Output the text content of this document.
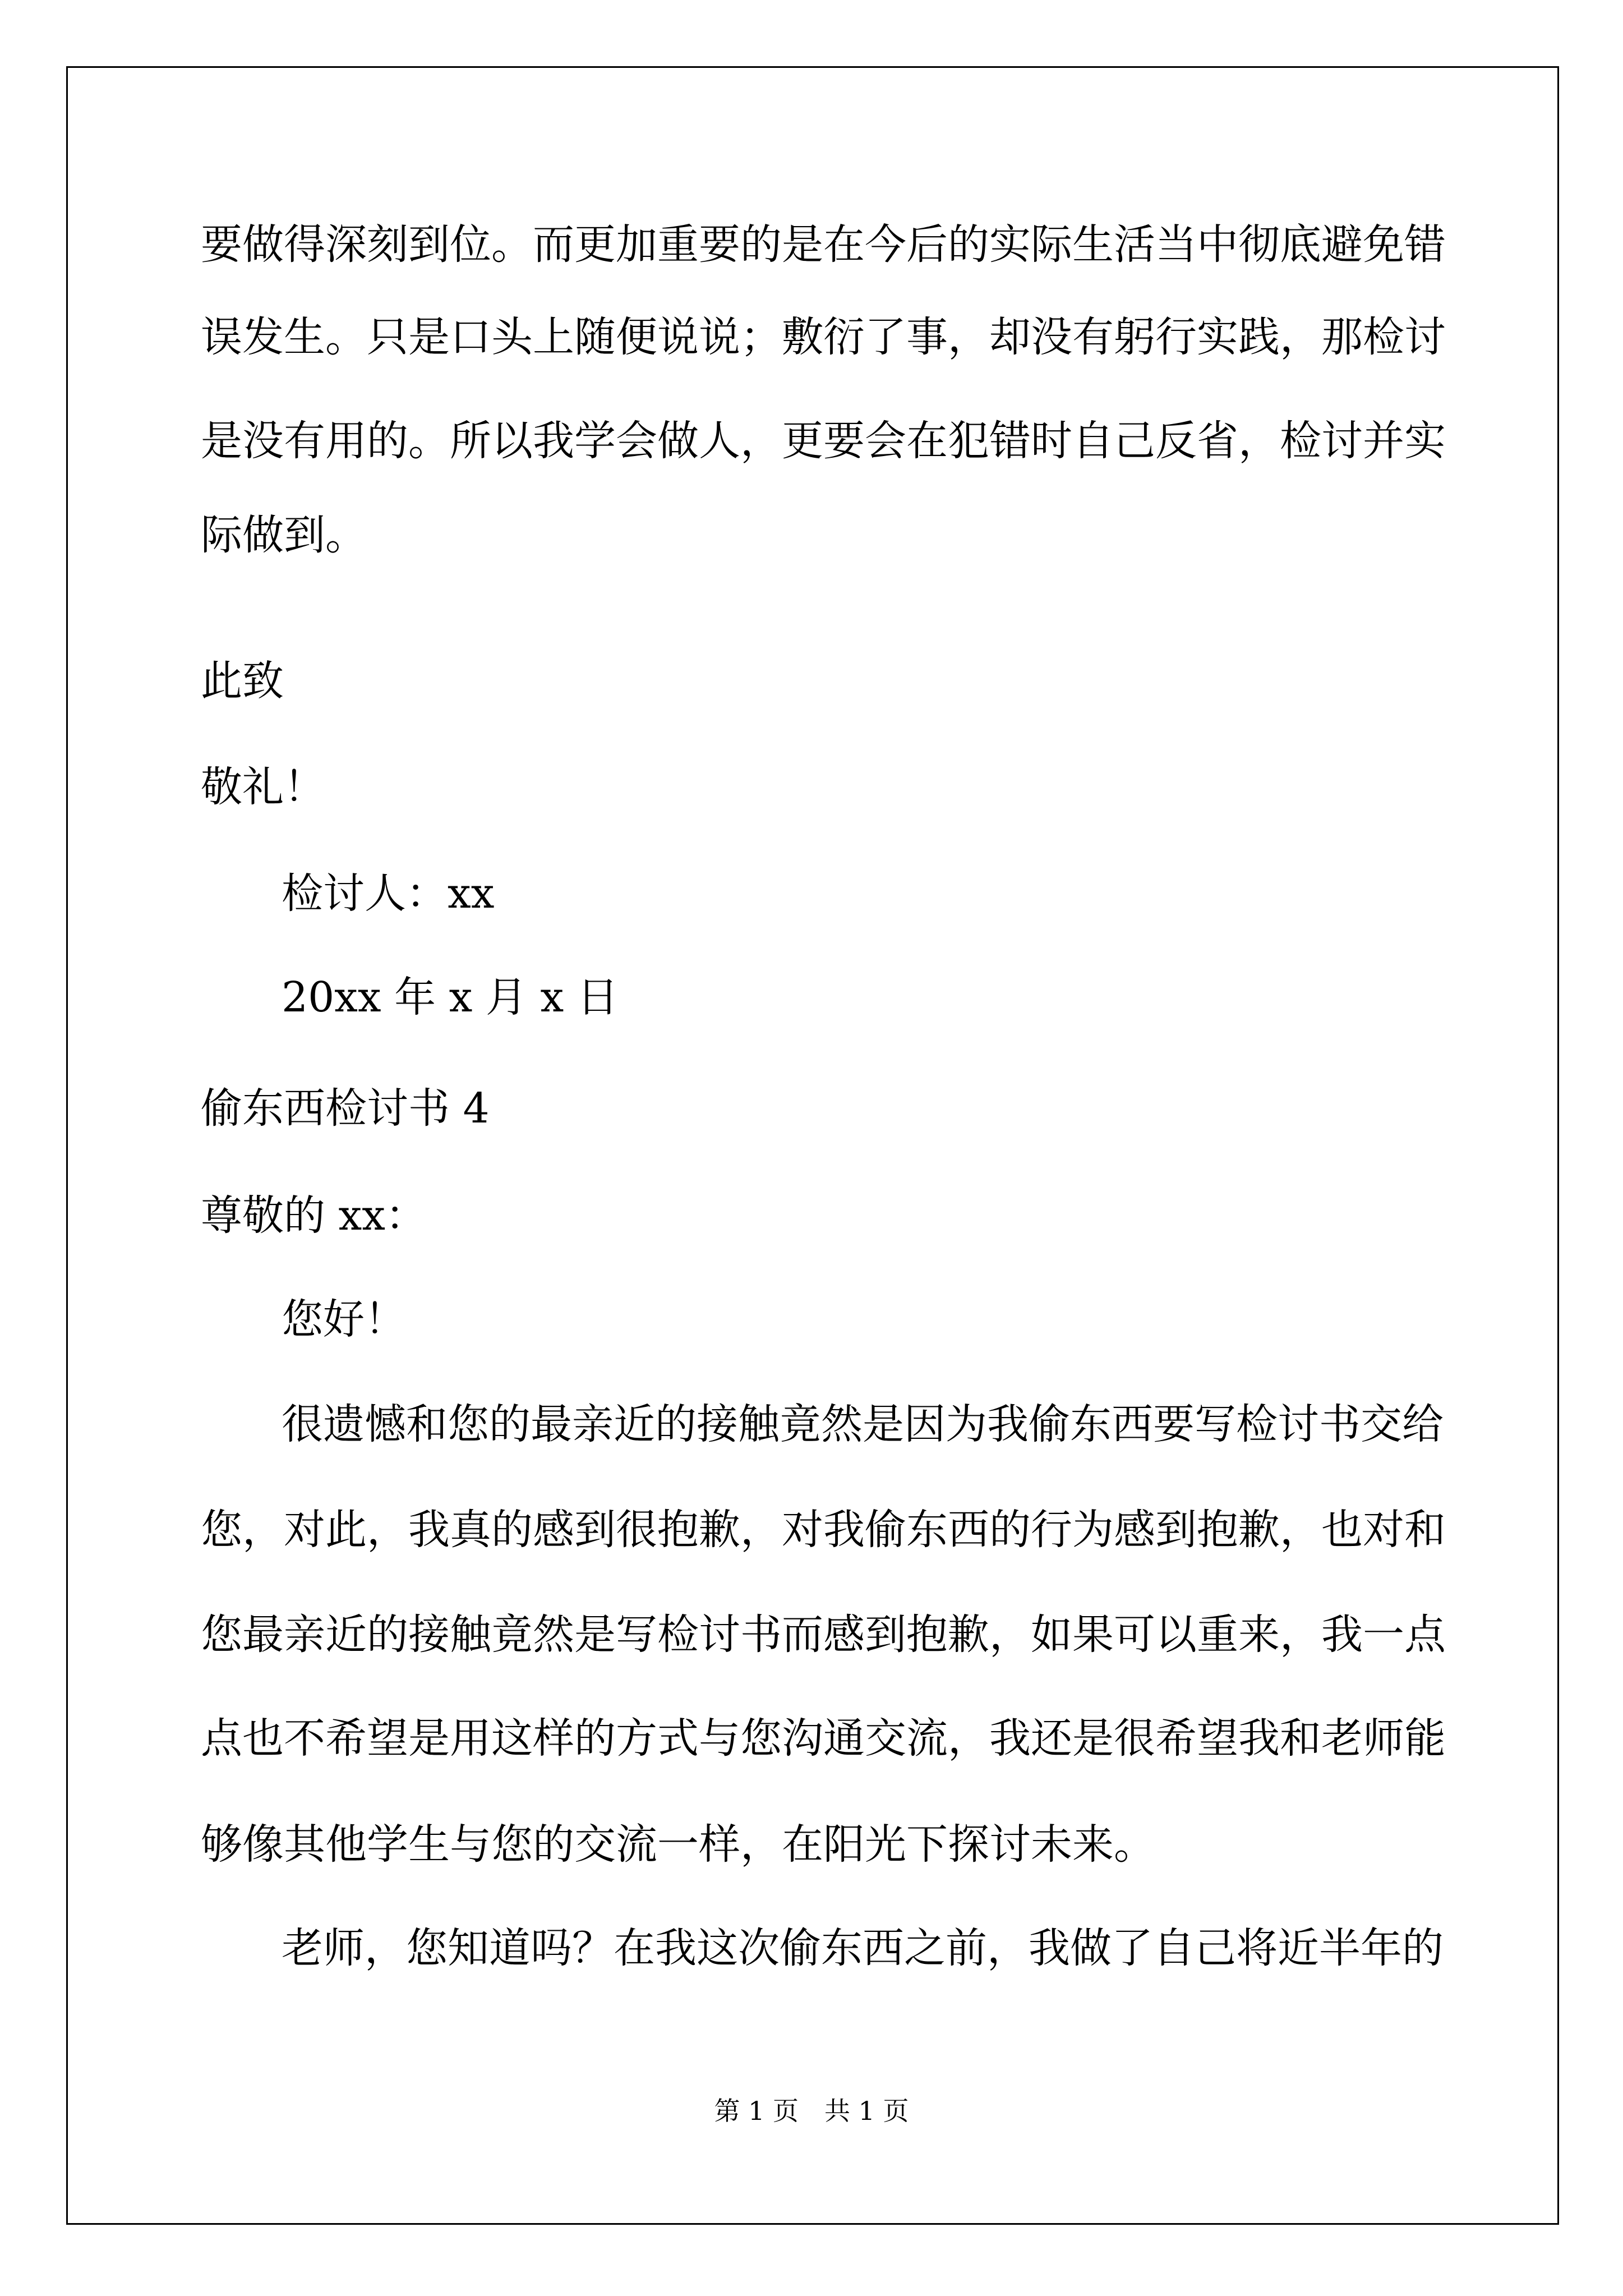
要做得深刻到位。而更加重要的是在今后的实际生活当中彻底避免错

误发生。只是口头上随便说说；敷衍了事，却没有躬行实践，那检讨

是没有用的。所以我学会做人，更要会在犯错时自己反省，检讨并实

际做到。

此致

敬礼！

检讨人：xx

20xx 年 x 月 x 日

偷东西检讨书 4

尊敬的 xx：

您好！

很遗憾和您的最亲近的接触竟然是因为我偷东西要写检讨书交给

您，对此，我真的感到很抱歉，对我偷东西的行为感到抱歉，也对和

您最亲近的接触竟然是写检讨书而感到抱歉，如果可以重来，我一点

点也不希望是用这样的方式与您沟通交流，我还是很希望我和老师能

够像其他学生与您的交流一样，在阳光下探讨未来。

老师，您知道吗？在我这次偷东西之前，我做了自己将近半年的

第 1 页　共 1 页
